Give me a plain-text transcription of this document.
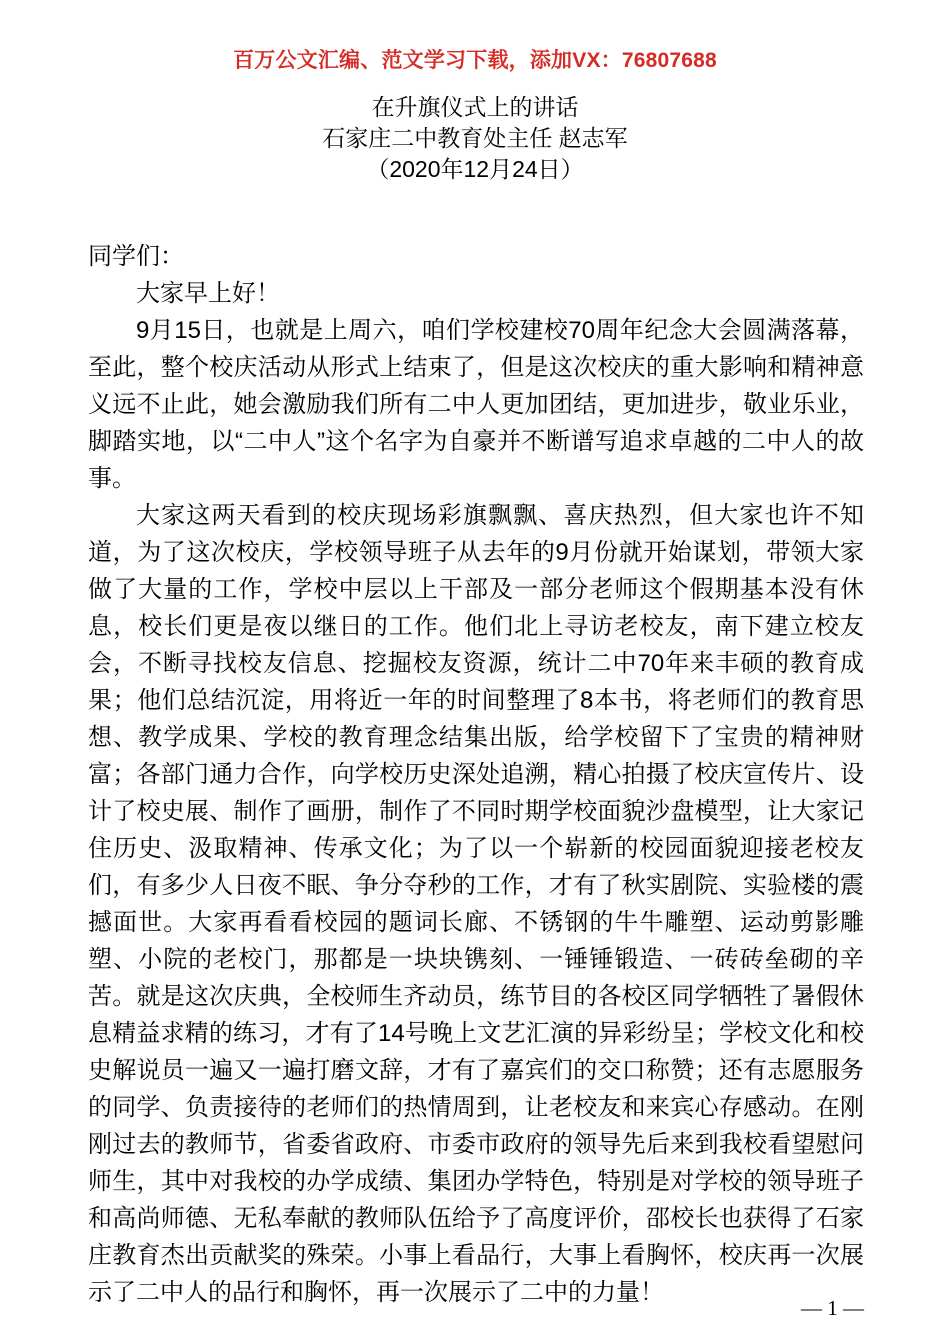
百万公文汇编、范文学习下载，添加VX：76807688
在升旗仪式上的讲话
石家庄二中教育处主任 赵志军
（2020年12月24日）

同学们：

大家早上好！

9月15日，也就是上周六，咱们学校建校70周年纪念大会圆满落幕，至此，整个校庆活动从形式上结束了，但是这次校庆的重大影响和精神意义远不止此，她会激励我们所有二中人更加团结，更加进步，敬业乐业，脚踏实地，以“二中人”这个名字为自豪并不断谱写追求卓越的二中人的故事。

大家这两天看到的校庆现场彩旗飘飘、喜庆热烈，但大家也许不知道，为了这次校庆，学校领导班子从去年的9月份就开始谋划，带领大家做了大量的工作，学校中层以上干部及一部分老师这个假期基本没有休息，校长们更是夜以继日的工作。他们北上寻访老校友，南下建立校友会，不断寻找校友信息、挖掘校友资源，统计二中70年来丰硕的教育成果；他们总结沉淀，用将近一年的时间整理了8本书，将老师们的教育思想、教学成果、学校的教育理念结集出版，给学校留下了宝贵的精神财富；各部门通力合作，向学校历史深处追溯，精心拍摄了校庆宣传片、设计了校史展、制作了画册，制作了不同时期学校面貌沙盘模型，让大家记住历史、汲取精神、传承文化；为了以一个崭新的校园面貌迎接老校友们，有多少人日夜不眠、争分夺秒的工作，才有了秋实剧院、实验楼的震撼面世。大家再看看校园的题词长廊、不锈钢的牛牛雕塑、运动剪影雕塑、小院的老校门，那都是一块块镌刻、一锤锤锻造、一砖砖垒砌的辛苦。就是这次庆典，全校师生齐动员，练节目的各校区同学牺牲了暑假休息精益求精的练习，才有了14号晚上文艺汇演的异彩纷呈；学校文化和校史解说员一遍又一遍打磨文辞，才有了嘉宾们的交口称赞；还有志愿服务的同学、负责接待的老师们的热情周到，让老校友和来宾心存感动。在刚刚过去的教师节，省委省政府、市委市政府的领导先后来到我校看望慰问师生，其中对我校的办学成绩、集团办学特色，特别是对学校的领导班子和高尚师德、无私奉献的教师队伍给予了高度评价，邵校长也获得了石家庄教育杰出贡献奖的殊荣。小事上看品行，大事上看胸怀，校庆再一次展示了二中人的品行和胸怀，再一次展示了二中的力量！

— 1 —
